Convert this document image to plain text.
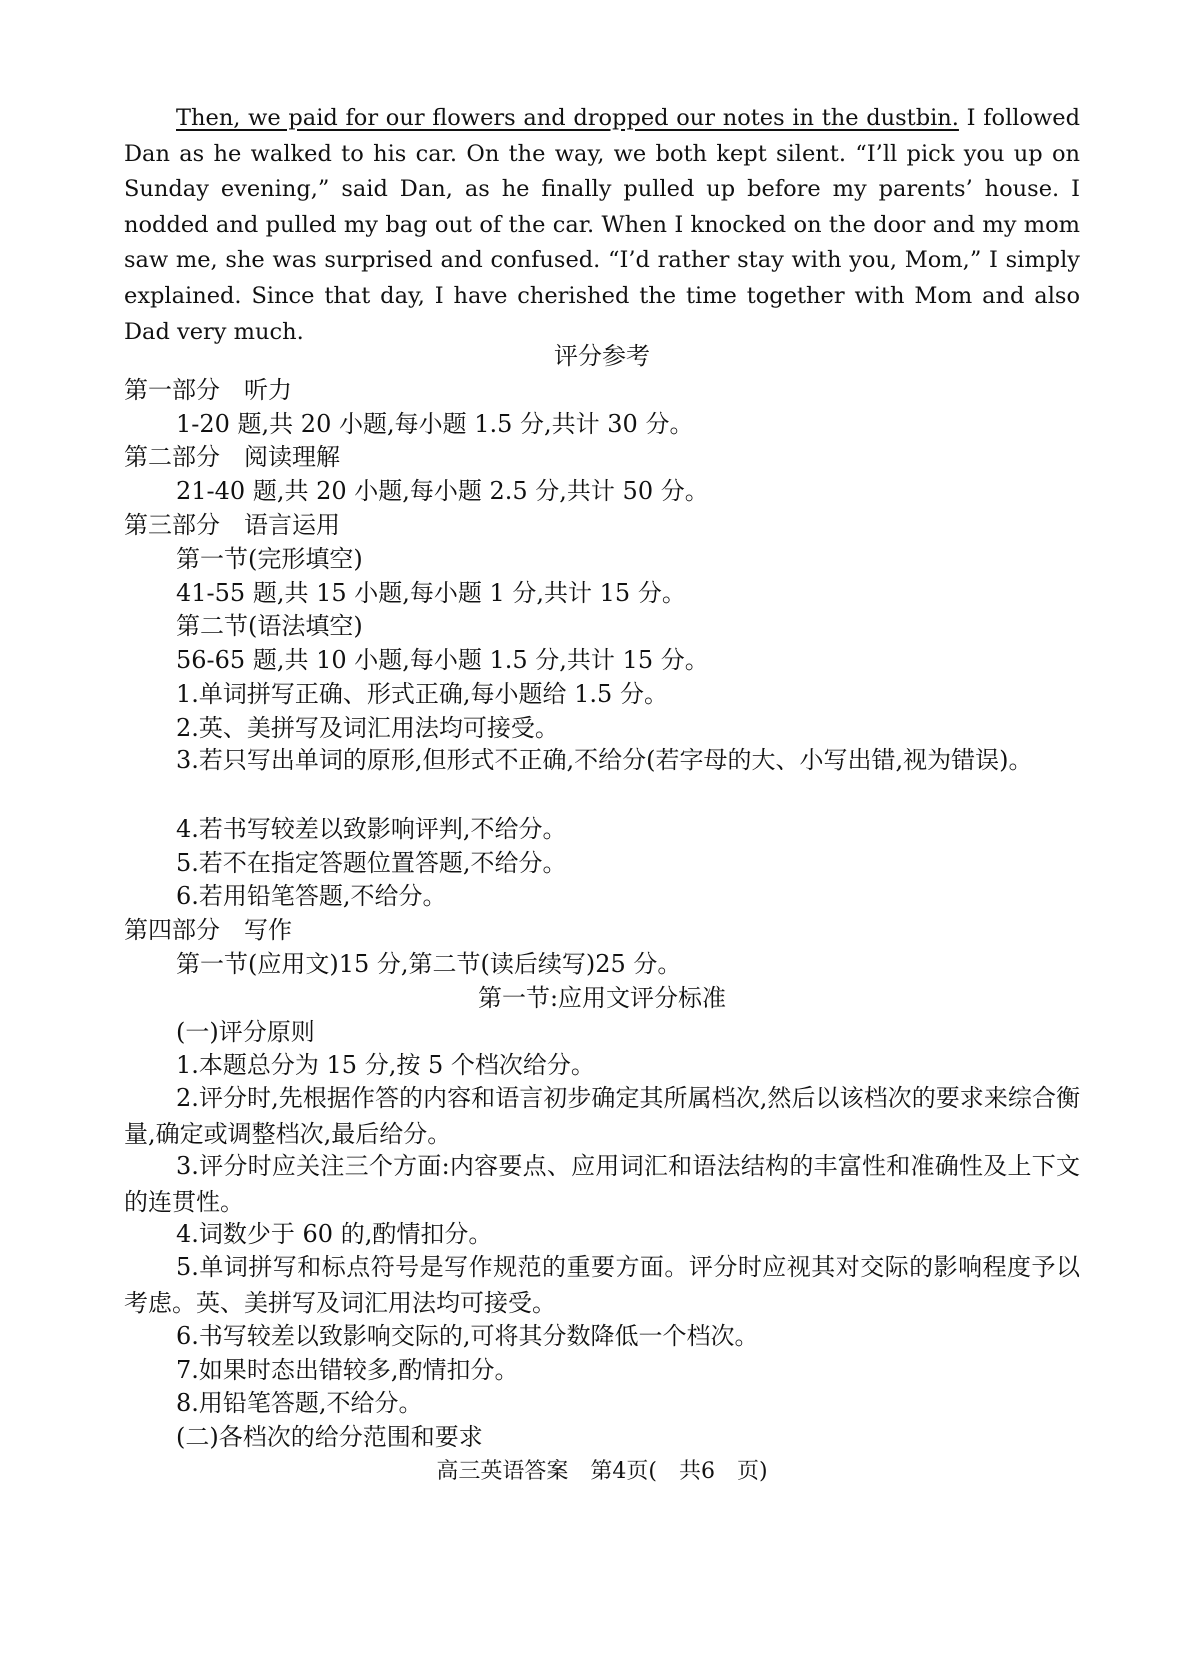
Then, we paid for our flowers and dropped our notes in the dustbin. I followed Dan as he walked to his car. On the way, we both kept silent. “I’ll pick you up on Sunday evening,” said Dan, as he finally pulled up before my parents’ house. I nodded and pulled my bag out of the car. When I knocked on the door and my mom saw me, she was surprised and confused. “I’d rather stay with you, Mom,” I simply explained. Since that day, I have cherished the time together with Mom and also Dad very much.

评分参考
第一部分　听力
1-20 题,共 20 小题,每小题 1.5 分,共计 30 分。
第二部分　阅读理解
21-40 题,共 20 小题,每小题 2.5 分,共计 50 分。
第三部分　语言运用
第一节(完形填空)
41-55 题,共 15 小题,每小题 1 分,共计 15 分。
第二节(语法填空)
56-65 题,共 10 小题,每小题 1.5 分,共计 15 分。
1.单词拼写正确、形式正确,每小题给 1.5 分。
2.英、美拼写及词汇用法均可接受。

3.若只写出单词的原形,但形式不正确,不给分(若字母的大、小写出错,视为错误)。

4.若书写较差以致影响评判,不给分。
5.若不在指定答题位置答题,不给分。
6.若用铅笔答题,不给分。
第四部分　写作
第一节(应用文)15 分,第二节(读后续写)25 分。
第一节:应用文评分标准
(一)评分原则
1.本题总分为 15 分,按 5 个档次给分。

2.评分时,先根据作答的内容和语言初步确定其所属档次,然后以该档次的要求来综合衡量,确定或调整档次,最后给分。

3.评分时应关注三个方面:内容要点、应用词汇和语法结构的丰富性和准确性及上下文的连贯性。

4.词数少于 60 的,酌情扣分。

5.单词拼写和标点符号是写作规范的重要方面。评分时应视其对交际的影响程度予以考虑。英、美拼写及词汇用法均可接受。

6.书写较差以致影响交际的,可将其分数降低一个档次。
7.如果时态出错较多,酌情扣分。
8.用铅笔答题,不给分。
(二)各档次的给分范围和要求
高三英语答案　第4页(　共6　页)
